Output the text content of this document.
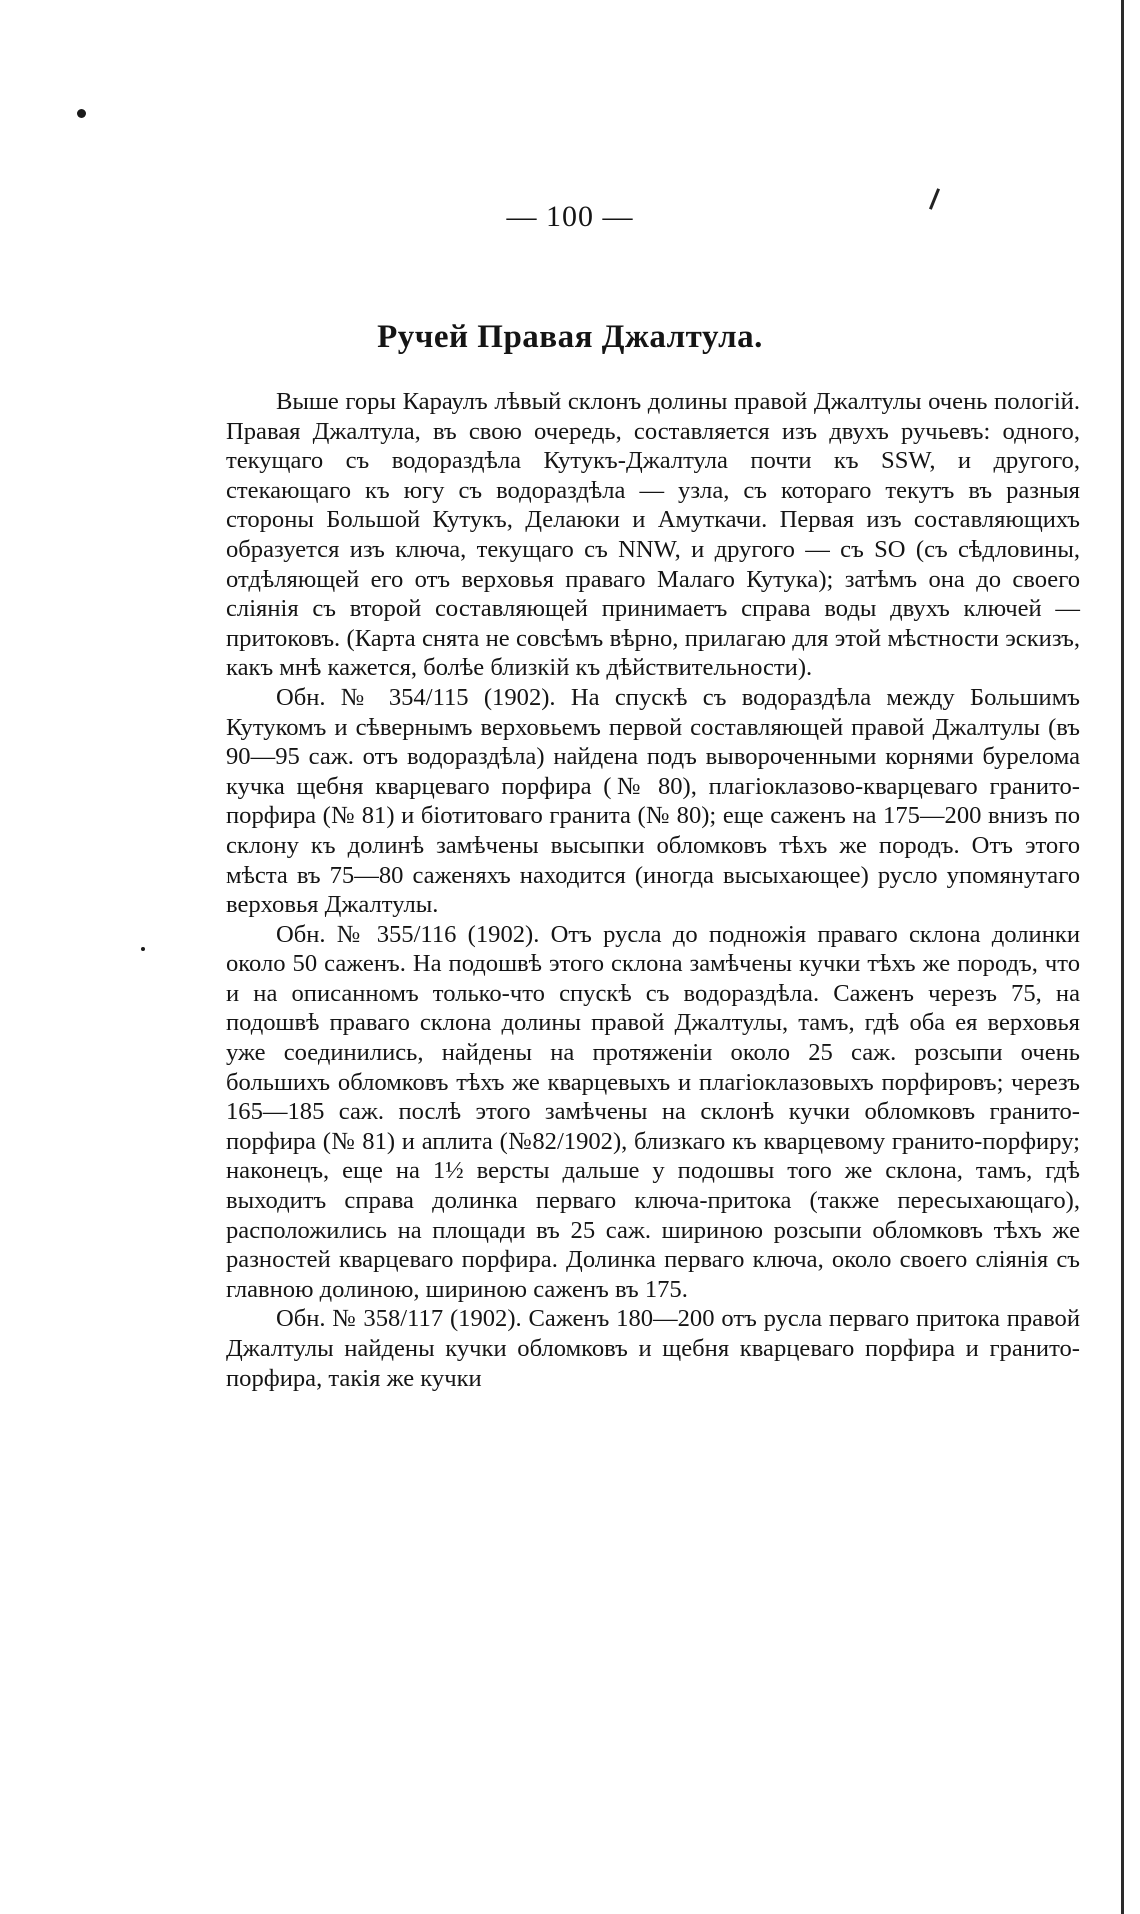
— 100 —
Ручей Правая Джалтула.

Выше горы Караулъ лѣвый склонъ долины правой Джалтулы очень пологій. Правая Джалтула, въ свою очередь, составляется изъ двухъ ручьевъ: одного, текущаго съ водораздѣла Кутукъ-Джалтула почти къ SSW, и другого, стекающаго къ югу съ водораздѣла — узла, съ котораго текутъ въ разныя стороны Большой Кутукъ, Делаюки и Амуткачи. Первая изъ составляющихъ образуется изъ ключа, текущаго съ NNW, и другого — съ SO (съ сѣдловины, отдѣляющей его отъ верховья праваго Малаго Кутука); затѣмъ она до своего слiянiя съ второй составляющей принимаетъ справа воды двухъ ключей — притоковъ. (Карта снята не совсѣмъ вѣрно, прилагаю для этой мѣстности эскизъ, какъ мнѣ кажется, болѣе близкiй къ дѣйствительности).

Обн. № 354/115 (1902). На спускѣ съ водораздѣла между Большимъ Кутукомъ и сѣвернымъ верховьемъ первой составляющей правой Джалтулы (въ 90—95 саж. отъ водораздѣла) найдена подъ вывороченными корнями бурелома кучка щебня кварцеваго порфира (№ 80), плагіоклазово-кварцеваго гранито-порфира (№ 81) и біотитоваго гранита (№ 80); еще саженъ на 175—200 внизъ по склону къ долинѣ замѣчены высыпки обломковъ тѣхъ же породъ. Отъ этого мѣста въ 75—80 саженяхъ находится (иногда высыхающее) русло упомянутаго верховья Джалтулы.

Обн. № 355/116 (1902). Отъ русла до подножія праваго склона долинки около 50 саженъ. На подошвѣ этого склона замѣчены кучки тѣхъ же породъ, что и на описанномъ только-что спускѣ съ водораздѣла. Саженъ черезъ 75, на подошвѣ праваго склона долины правой Джалтулы, тамъ, гдѣ оба ея верховья уже соединились, найдены на протяженіи около 25 саж. розсыпи очень большихъ обломковъ тѣхъ же кварцевыхъ и плагіоклазовыхъ порфировъ; черезъ 165—185 саж. послѣ этого замѣчены на склонѣ кучки обломковъ гранито-порфира (№ 81) и аплита (№82/1902), близкаго къ кварцевому гранито-порфиру; наконецъ, еще на 1½ версты дальше у подошвы того же склона, тамъ, гдѣ выходитъ справа долинка перваго ключа-притока (также пересыхающаго), расположились на площади въ 25 саж. шириною розсыпи обломковъ тѣхъ же разностей кварцеваго порфира. Долинка перваго ключа, около своего слiянiя съ главною долиною, шириною саженъ въ 175.

Обн. № 358/117 (1902). Саженъ 180—200 отъ русла перваго притока правой Джалтулы найдены кучки обломковъ и щебня кварцеваго порфира и гранито-порфира, такія же кучки
